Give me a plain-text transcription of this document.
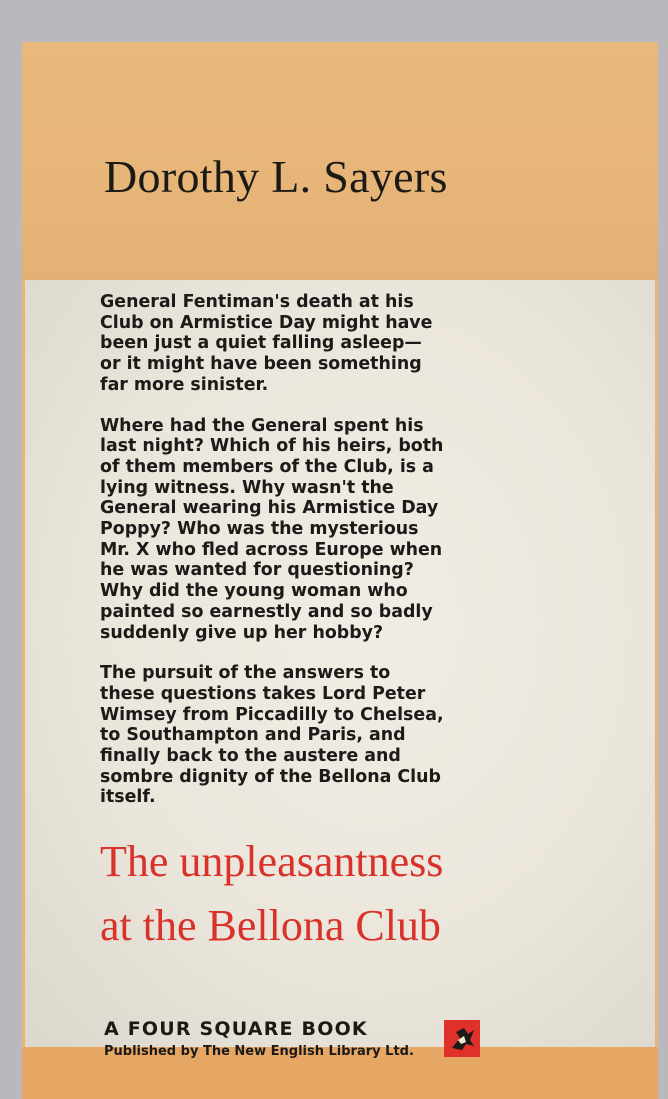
Dorothy L. Sayers

General Fentiman's death at his
Club on Armistice Day might have
been just a quiet falling asleep—
or it might have been something
far more sinister.

Where had the General spent his
last night? Which of his heirs, both
of them members of the Club, is a
lying witness. Why wasn't the
General wearing his Armistice Day
Poppy? Who was the mysterious
Mr. X who fled across Europe when
he was wanted for questioning?
Why did the young woman who
painted so earnestly and so badly
suddenly give up her hobby?

The pursuit of the answers to
these questions takes Lord Peter
Wimsey from Piccadilly to Chelsea,
to Southampton and Paris, and
finally back to the austere and
sombre dignity of the Bellona Club
itself.

The unpleasantness
at the Bellona Club
A FOUR SQUARE BOOK
Published by The New English Library Ltd.
